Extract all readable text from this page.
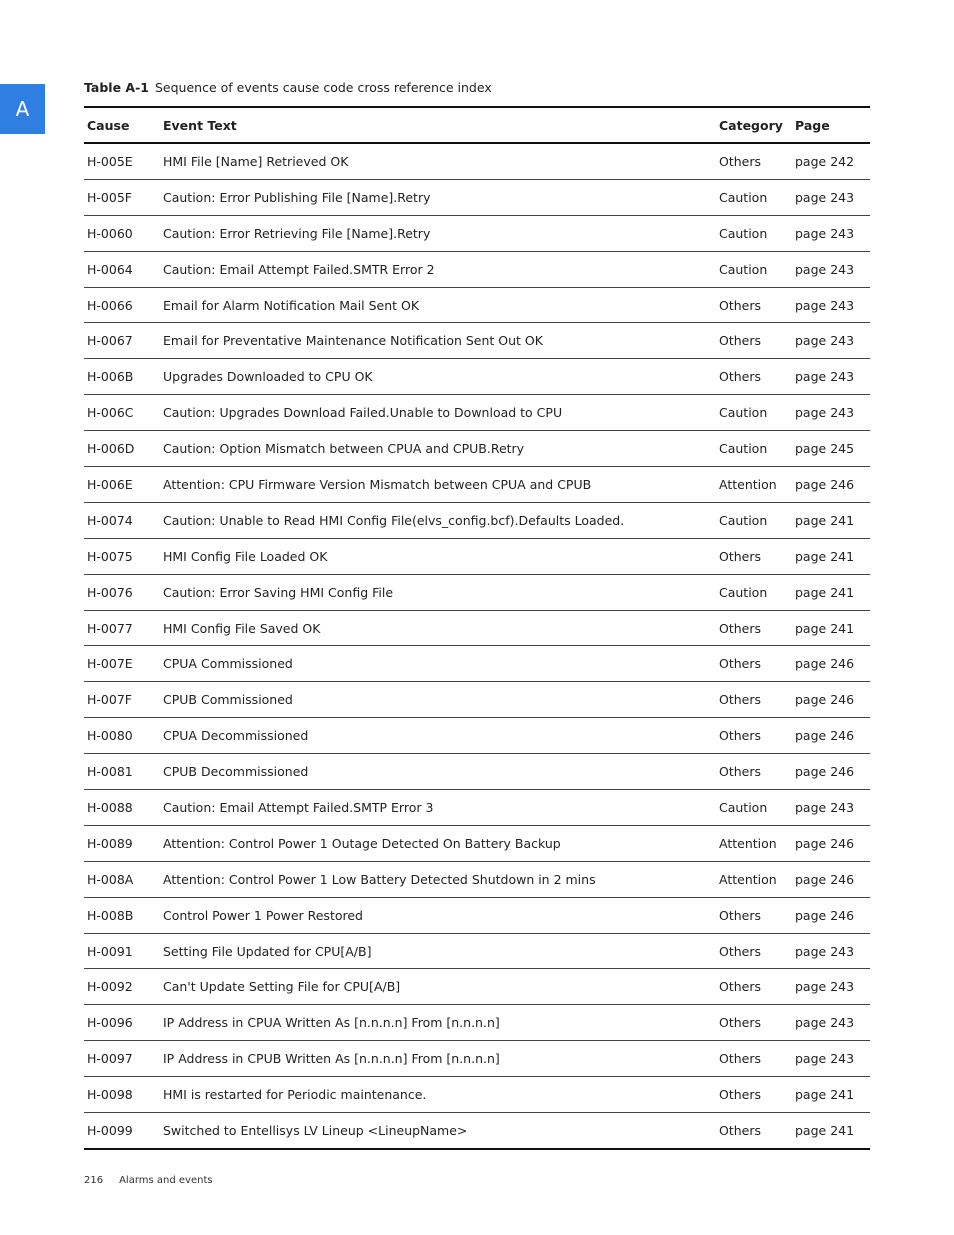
A
Table A-1 Sequence of events cause code cross reference index
Cause	Event Text	Category	Page
H-005E	HMI File [Name] Retrieved OK	Others	page 242
H-005F	Caution: Error Publishing File [Name].Retry	Caution	page 243
H-0060	Caution: Error Retrieving File [Name].Retry	Caution	page 243
H-0064	Caution: Email Attempt Failed.SMTR Error 2	Caution	page 243
H-0066	Email for Alarm Notification Mail Sent OK	Others	page 243
H-0067	Email for Preventative Maintenance Notification Sent Out OK	Others	page 243
H-006B	Upgrades Downloaded to CPU OK	Others	page 243
H-006C	Caution: Upgrades Download Failed.Unable to Download to CPU	Caution	page 243
H-006D	Caution: Option Mismatch between CPUA and CPUB.Retry	Caution	page 245
H-006E	Attention: CPU Firmware Version Mismatch between CPUA and CPUB	Attention	page 246
H-0074	Caution: Unable to Read HMI Config File(elvs_config.bcf).Defaults Loaded.	Caution	page 241
H-0075	HMI Config File Loaded OK	Others	page 241
H-0076	Caution: Error Saving HMI Config File	Caution	page 241
H-0077	HMI Config File Saved OK	Others	page 241
H-007E	CPUA Commissioned	Others	page 246
H-007F	CPUB Commissioned	Others	page 246
H-0080	CPUA Decommissioned	Others	page 246
H-0081	CPUB Decommissioned	Others	page 246
H-0088	Caution: Email Attempt Failed.SMTP Error 3	Caution	page 243
H-0089	Attention: Control Power 1 Outage Detected On Battery Backup	Attention	page 246
H-008A	Attention: Control Power 1 Low Battery Detected Shutdown in 2 mins	Attention	page 246
H-008B	Control Power 1 Power Restored	Others	page 246
H-0091	Setting File Updated for CPU[A/B]	Others	page 243
H-0092	Can't Update Setting File for CPU[A/B]	Others	page 243
H-0096	IP Address in CPUA Written As [n.n.n.n] From [n.n.n.n]	Others	page 243
H-0097	IP Address in CPUB Written As [n.n.n.n] From [n.n.n.n]	Others	page 243
H-0098	HMI is restarted for Periodic maintenance.	Others	page 241
H-0099	Switched to Entellisys LV Lineup <LineupName>	Others	page 241
216 Alarms and events
